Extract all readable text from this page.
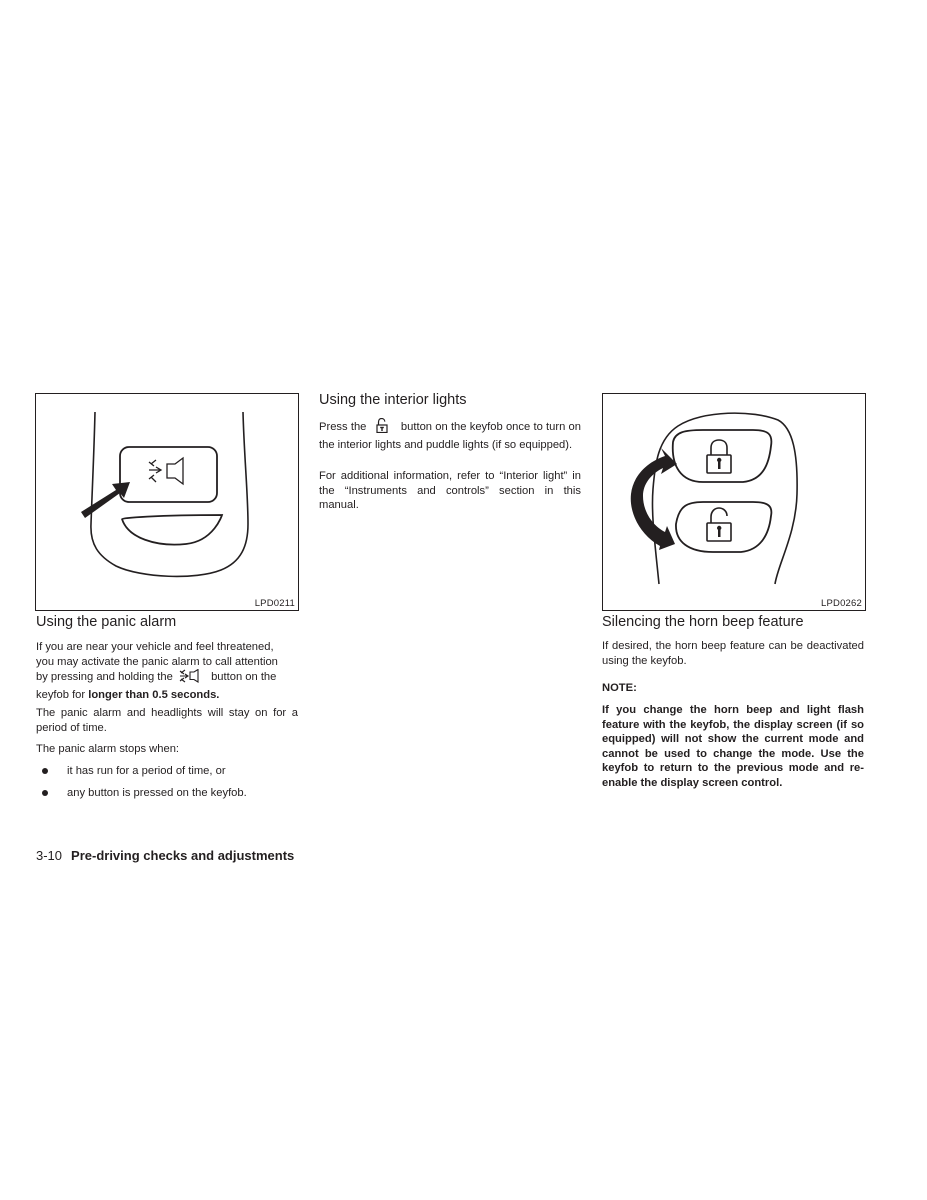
LPD0211
Using the panic alarm
If you are near your vehicle and feel threatened,
you may activate the panic alarm to call attention
by pressing and holding the	button on the
keyfob for longer than 0.5 seconds.

The panic alarm and headlights will stay on for a period of time.

The panic alarm stops when:

it has run for a period of time, or
any button is pressed on the keyfob.
Using the interior lights

Press the	button on the keyfob once to turn on the interior lights and puddle lights (if so equipped).

For additional information, refer to “Interior light” in the “Instruments and controls” section in this manual.

LPD0262
Silencing the horn beep feature

If desired, the horn beep feature can be deactivated using the keyfob.

NOTE:

If you change the horn beep and light flash feature with the keyfob, the display screen (if so equipped) will not show the current mode and cannot be used to change the mode. Use the keyfob to return to the previous mode and re-enable the display screen control.

3-10 Pre-driving checks and adjustments
